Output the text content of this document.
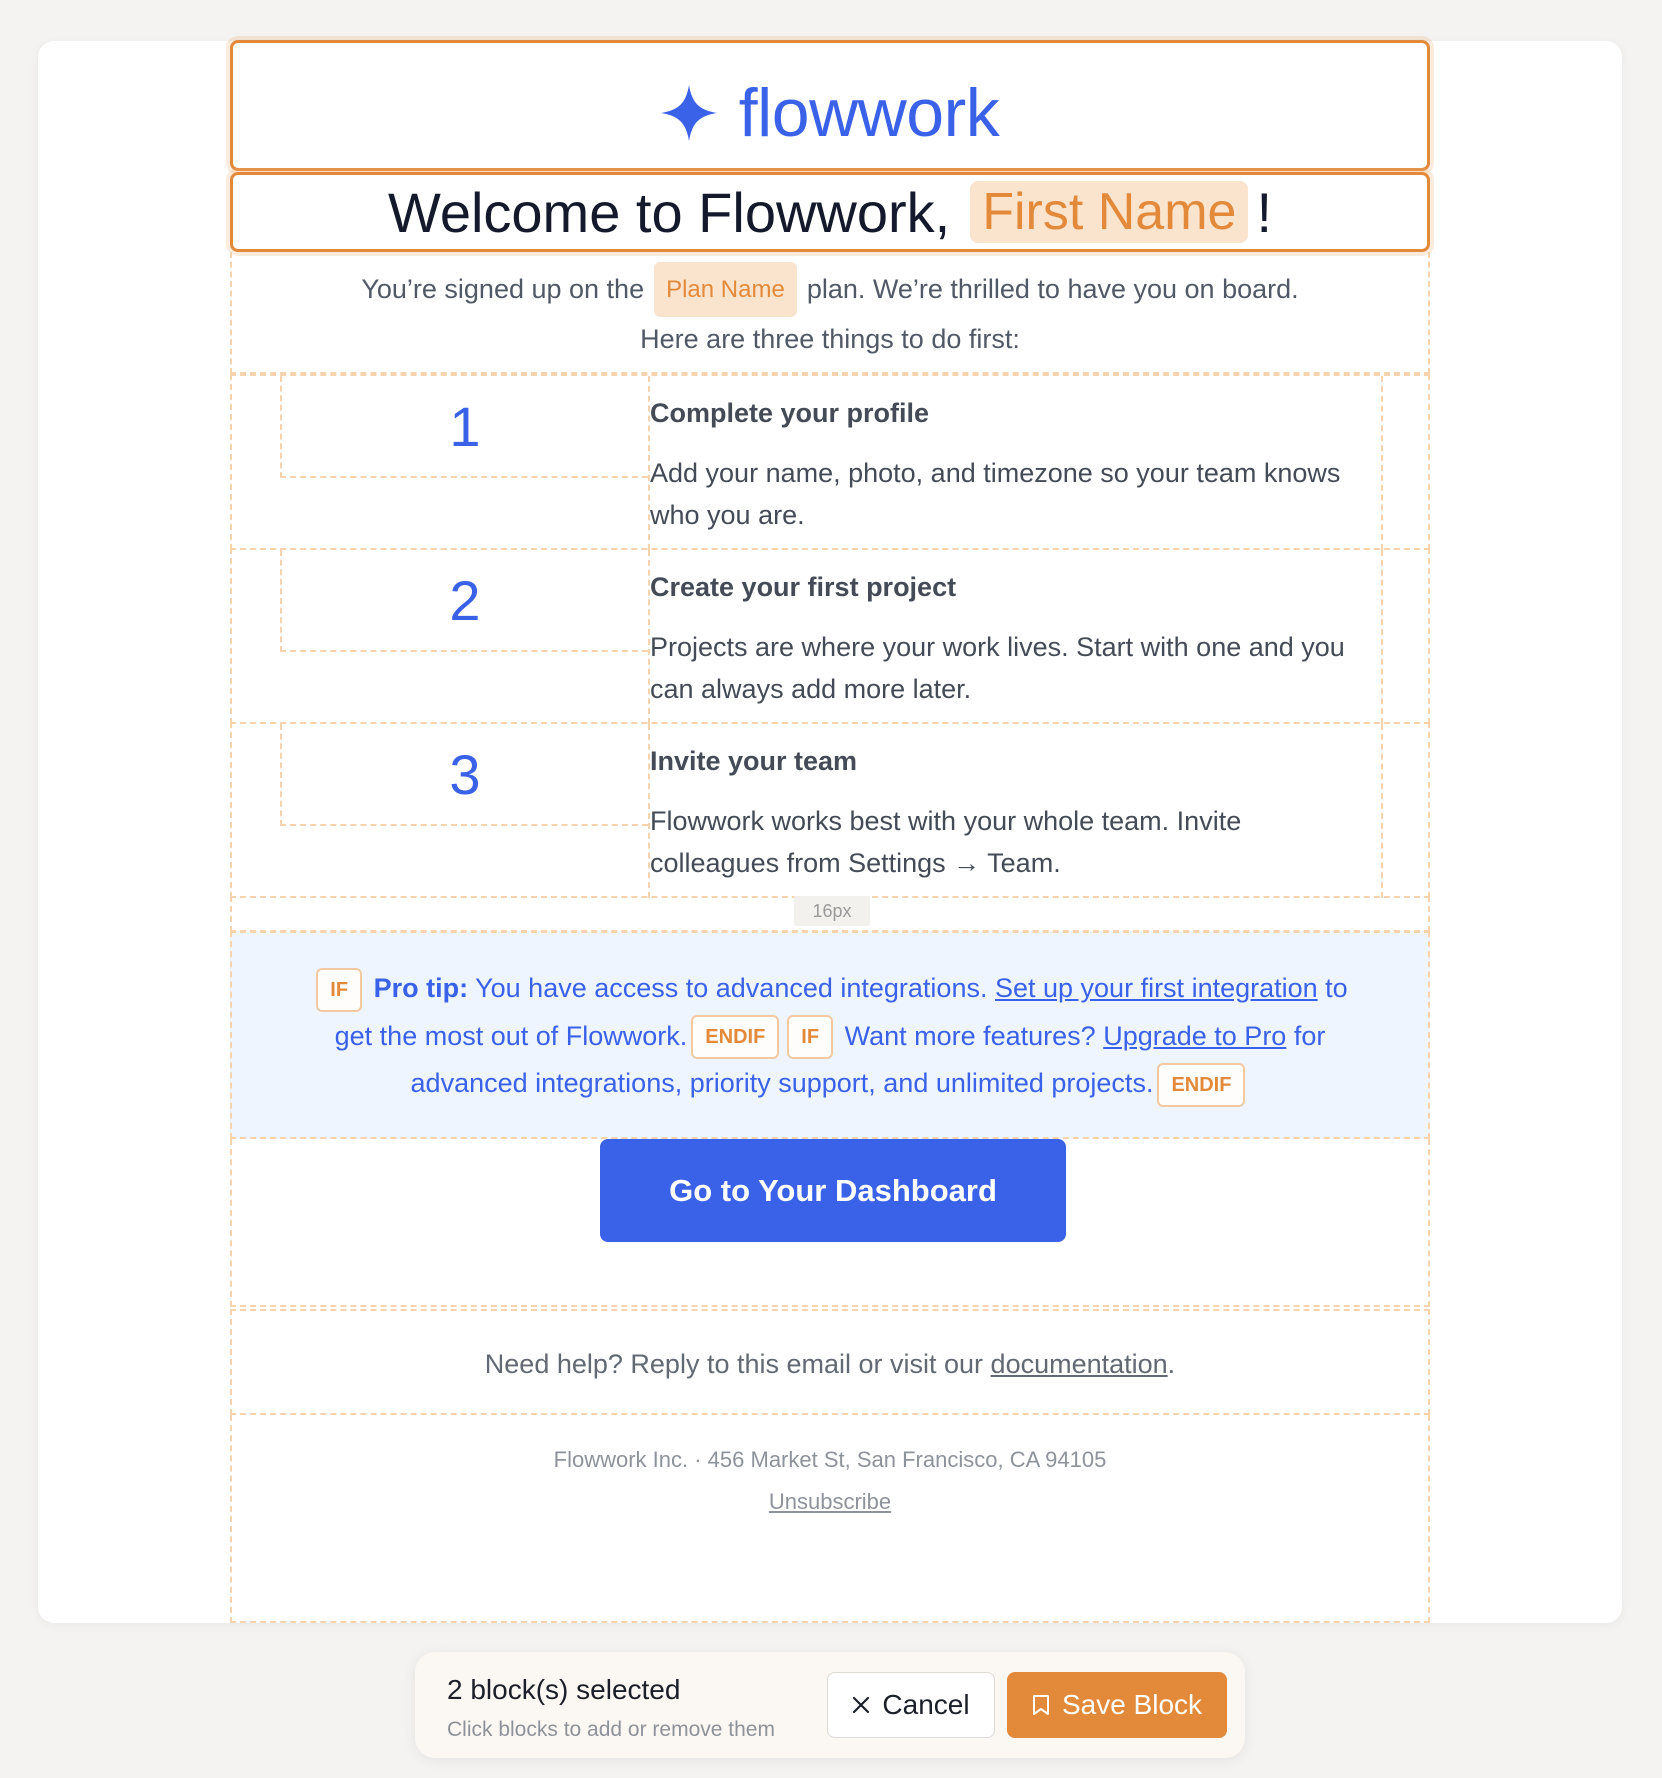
flowwork
Welcome to Flowwork, First Name !
You’re signed up on the Plan Name plan. We’re thrilled to have you on board.
Here are three things to do first:
1	Complete your profile
Add your name, photo, and timezone so your team knows who you are.
2	Create your first project
Projects are where your work lives. Start with one and you can always add more later.
3	Invite your team
Flowwork works best with your whole team. Invite colleagues from Settings → Team.
16px
IF Pro tip: You have access to advanced integrations. Set up your first integration to get the most out of Flowwork. ENDIF IF Want more features? Upgrade to Pro for advanced integrations, priority support, and unlimited projects. ENDIF
Go to Your Dashboard
Need help? Reply to this email or visit our documentation.
Flowwork Inc. · 456 Market St, San Francisco, CA 94105
Unsubscribe
2 block(s) selected
Click blocks to add or remove them
Cancel	Save Block
